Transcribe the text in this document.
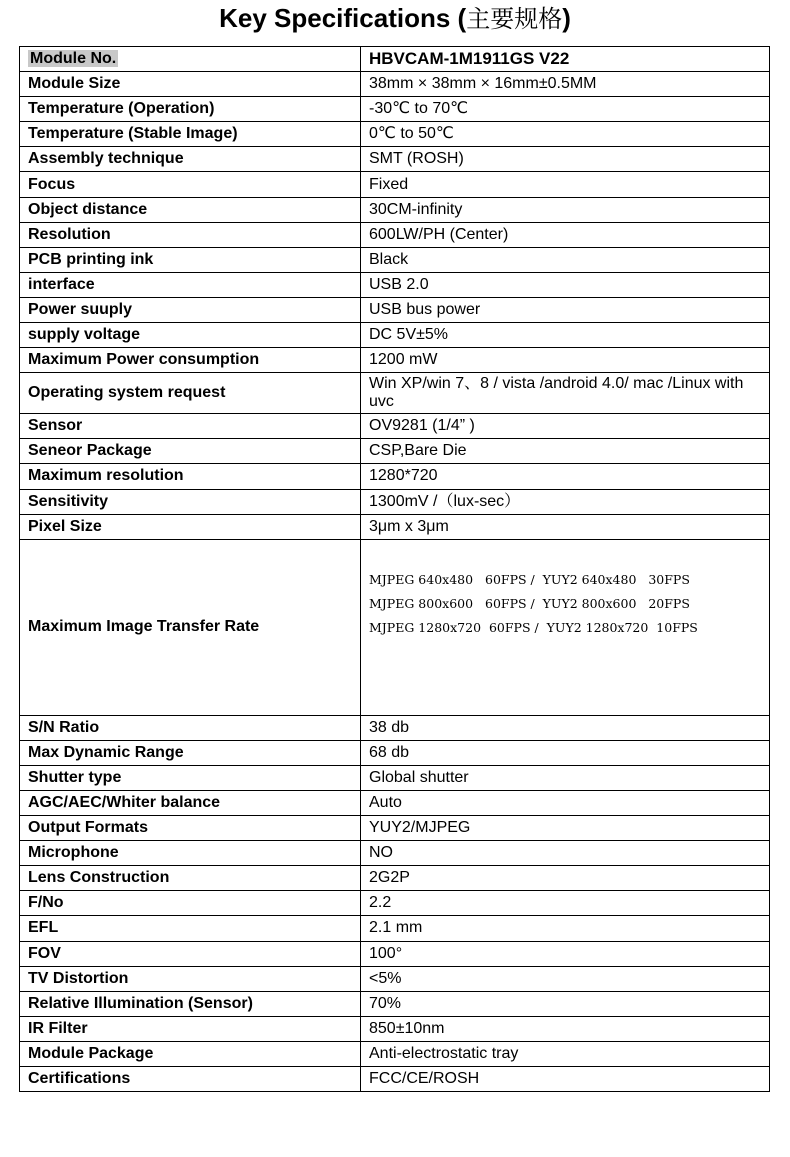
Key Specifications (主要规格)
Module No.	HBVCAM-1M1911GS V22
Module Size	38mm × 38mm × 16mm±0.5MM
Temperature (Operation)	-30℃ to 70℃
Temperature (Stable Image)	0℃ to 50℃
Assembly technique	SMT (ROSH)
Focus	Fixed
Object distance	30CM-infinity
Resolution	600LW/PH (Center)
PCB printing ink	Black
interface	USB 2.0
Power suuply	USB bus power
supply voltage	DC 5V±5%
Maximum Power consumption	1200 mW
Operating system request	Win XP/win 7、8 / vista /android 4.0/ mac /Linux with uvc
Sensor	OV9281 (1/4” )
Seneor Package	CSP,Bare Die
Maximum resolution	1280*720
Sensitivity	1300mV /（lux-sec）
Pixel Size	3μm x 3μm
Maximum Image Transfer Rate	MJPEG 640x480   60FPS /  YUY2 640x480   30FPS
MJPEG 800x600   60FPS /  YUY2 800x600   20FPS
MJPEG 1280x720  60FPS /  YUY2 1280x720  10FPS

S/N Ratio	38 db
Max Dynamic Range	68 db
Shutter type	Global shutter
AGC/AEC/Whiter balance	Auto
Output Formats	YUY2/MJPEG
Microphone	NO
Lens Construction	2G2P
F/No	2.2
EFL	2.1 mm
FOV	100°
TV Distortion	<5%
Relative Illumination (Sensor)	70%
IR Filter	850±10nm
Module Package	Anti-electrostatic tray
Certifications	FCC/CE/ROSH
